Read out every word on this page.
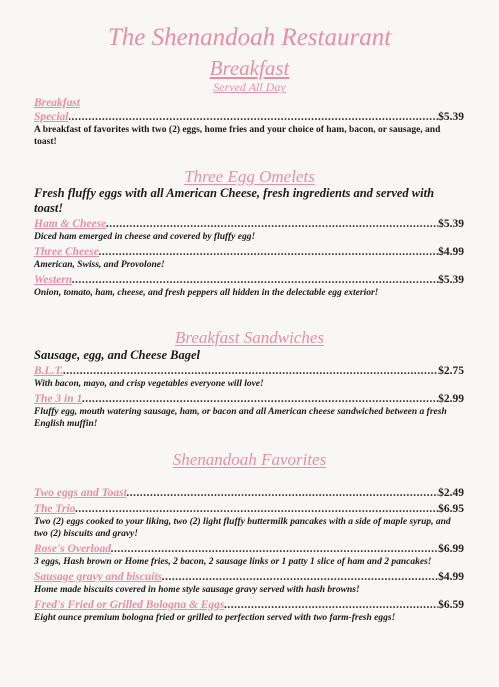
The Shenandoah Restaurant
Breakfast
Served All Day
Breakfast
Special .....	$5.39
A breakfast of favorites with two (2) eggs, home fries and your choice of ham, bacon, or sausage, and toast!
Three Egg Omelets
Fresh fluffy eggs with all American Cheese, fresh ingredients and served with toast!
Ham & Cheese .....	$5.39
Diced ham emerged in cheese and covered by fluffy egg!
Three Cheese .....	$4.99
American, Swiss, and Provolone!
Western .....	$5.39
Onion, tomato, ham, cheese, and fresh peppers all hidden in the delectable egg exterior!
Breakfast Sandwiches
Sausage, egg, and Cheese Bagel
B.L.T. .....	$2.75
With bacon, mayo, and crisp vegetables everyone will love!
The 3 in 1 .....	$2.99
Fluffy egg, mouth watering sausage, ham, or bacon and all American cheese sandwiched between a fresh English muffin!
Shenandoah Favorites
Two eggs and Toast .....	$2.49
The Trio .....	$6.95
Two (2) eggs cooked to your liking, two (2) light fluffy buttermilk pancakes with a side of maple syrup, and two (2) biscuits and gravy!
Rose's Overload .....	$6.99
3 eggs, Hash brown or Home fries, 2 bacon, 2 sausage links or 1 patty 1 slice of ham and 2 pancakes!
Sausage gravy and biscuits .....	$4.99
Home made biscuits covered in home style sausage gravy served with hash browns!
Fred's Fried or Grilled Bologna & Eggs .....	$6.59
Eight ounce premium bologna fried or grilled to perfection served with two farm-fresh eggs!
